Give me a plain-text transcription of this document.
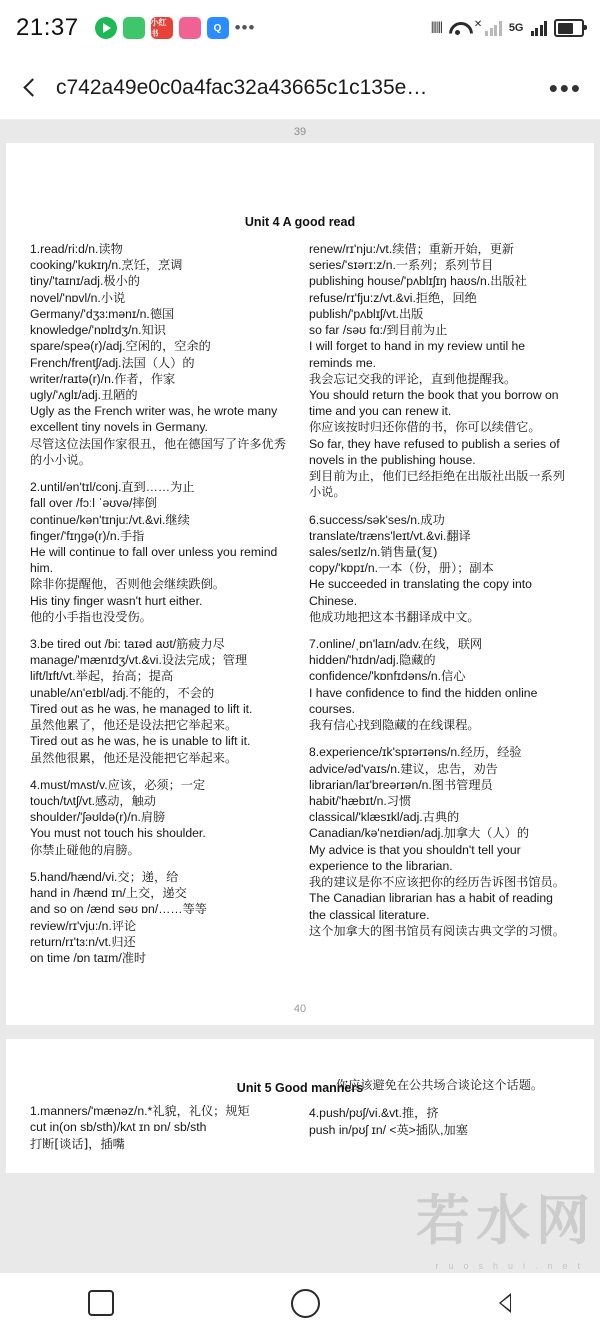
21:37	小红书	Q •••	⦀⦀	✕ 5G
c742a49e0c0a4fac32a43665c1c135e…	•••
39
Unit 4 A good read
1.read/ri:d/n.读物
cooking/'kʊkɪŋ/n.烹饪，烹调
tiny/'taɪnɪ/adj.极小的
novel/'nɒvl/n.小说
Germany/'dʒɜ:mənɪ/n.德国
knowledge/'nɒlɪdʒ/n.知识
spare/speə(r)/adj.空闲的，空余的
French/frentʃ/adj.法国（人）的
writer/raɪtə(r)/n.作者，作家
ugly/'ʌglɪ/adj.丑陋的
Ugly as the French writer was, he wrote many excellent tiny novels in Germany.
尽管这位法国作家很丑，他在德国写了许多优秀的小小说。
2.until/ən'tɪl/conj.直到……为止
fall over /fɔːl ˈəʊvə/摔倒
continue/kən'tɪnju:/vt.&vi.继续
finger/'fɪŋgə(r)/n.手指
He will continue to fall over unless you remind him.
除非你提醒他，否则他会继续跌倒。
His tiny finger wasn't hurt either.
他的小手指也没受伤。
3.be tired out /bi: taɪəd aʊt/筋疲力尽
manage/'mænɪdʒ/vt.&vi.设法完成；管理
lift/lɪft/vt.举起，抬高；提高
unable/ʌn'eɪbl/adj.不能的，不会的
Tired out as he was, he managed to lift it.
虽然他累了，他还是设法把它举起来。
Tired out as he was, he is unable to lift it.
虽然他很累，他还是没能把它举起来。
4.must/mʌst/v.应该，必须；一定
touch/tʌtʃ/vt.感动，触动
shoulder/'ʃəʊldə(r)/n.肩膀
You must not touch his shoulder.
你禁止碰他的肩膀。
5.hand/hænd/vi.交；递，给
hand in /hænd ɪn/上交，递交
and so on /ænd səʊ ɒn/……等等
review/rɪ'vju:/n.评论
return/rɪ'tɜ:n/vt.归还
on time /ɒn taɪm/准时
renew/rɪ'nju:/vt.续借；重新开始，更新
series/'sɪərɪ:z/n.一系列；系列节目
publishing house/'pʌblɪʃɪŋ haʊs/n.出版社
refuse/rɪ'fju:z/vt.&vi.拒绝，回绝
publish/'pʌblɪʃ/vt.出版
so far /səʊ fɑ:/到目前为止
I will forget to hand in my review until he reminds me.
我会忘记交我的评论，直到他提醒我。
You should return the book that you borrow on time and you can renew it.
你应该按时归还你借的书，你可以续借它。
So far, they have refused to publish a series of novels in the publishing house.
到目前为止，他们已经拒绝在出版社出版一系列小说。
6.success/sək'ses/n.成功
translate/træns'leɪt/vt.&vi.翻译
sales/seɪlz/n.销售量(复)
copy/'kɒpɪ/n.一本（份，册）；副本
He succeeded in translating the copy into Chinese.
他成功地把这本书翻译成中文。
7.online/ˌɒn'laɪn/adv.在线，联网
hidden/'hɪdn/adj.隐藏的
confidence/'kɒnfɪdəns/n.信心
I have confidence to find the hidden online courses.
我有信心找到隐藏的在线课程。
8.experience/ɪk'spɪərɪəns/n.经历，经验
advice/əd'vaɪs/n.建议，忠告，劝告
librarian/laɪ'breərɪən/n.图书管理员
habit/'hæbɪt/n.习惯
classical/'klæsɪkl/adj.古典的
Canadian/kə'neɪdiən/adj.加拿大（人）的
My advice is that you shouldn't tell your experience to the librarian.
我的建议是你不应该把你的经历告诉图书馆员。
The Canadian librarian has a habit of reading the classical literature.
这个加拿大的图书馆员有阅读古典文学的习惯。
40
Unit 5 Good manners
1.manners/'mænəz/n.*礼貌，礼仪；规矩
cut in(on sb/sth)/kʌt ɪn ɒn/ sb/sth
打断[谈话]，插嘴
你应该避免在公共场合谈论这个话题。
4.push/pʊʃ/vi.&vt.推，挤
push in/pʊʃ ɪn/ <英>插队,加塞
若水网
ruoshui.net
